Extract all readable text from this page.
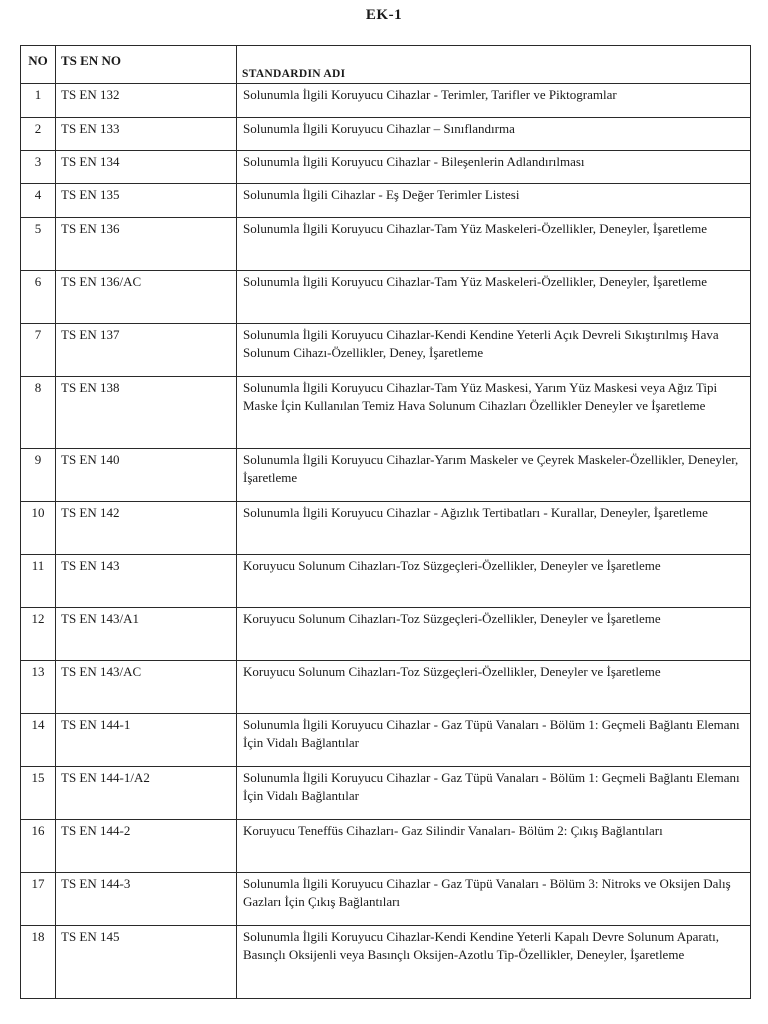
EK-1
NO	TS EN NO	STANDARDIN ADI
1	TS EN 132	Solunumla İlgili Koruyucu Cihazlar - Terimler, Tarifler ve Piktogramlar
2	TS EN 133	Solunumla İlgili Koruyucu Cihazlar – Sınıflandırma
3	TS EN 134	Solunumla İlgili Koruyucu Cihazlar - Bileşenlerin Adlandırılması
4	TS EN 135	Solunumla İlgili Cihazlar - Eş Değer Terimler Listesi
5	TS EN 136	Solunumla İlgili Koruyucu Cihazlar-Tam Yüz Maskeleri-Özellikler, Deneyler, İşaretleme
6	TS EN 136/AC	Solunumla İlgili Koruyucu Cihazlar-Tam Yüz Maskeleri-Özellikler, Deneyler, İşaretleme
7	TS EN 137	Solunumla İlgili Koruyucu Cihazlar-Kendi Kendine Yeterli Açık Devreli Sıkıştırılmış Hava Solunum Cihazı-Özellikler, Deney, İşaretleme
8	TS EN 138	Solunumla İlgili Koruyucu Cihazlar-Tam Yüz Maskesi, Yarım Yüz Maskesi veya Ağız Tipi Maske İçin Kullanılan Temiz Hava Solunum Cihazları Özellikler Deneyler ve İşaretleme
9	TS EN 140	Solunumla İlgili Koruyucu Cihazlar-Yarım Maskeler ve Çeyrek Maskeler-Özellikler, Deneyler, İşaretleme
10	TS EN 142	Solunumla İlgili Koruyucu Cihazlar - Ağızlık Tertibatları - Kurallar, Deneyler, İşaretleme
11	TS EN 143	Koruyucu Solunum Cihazları-Toz Süzgeçleri-Özellikler, Deneyler ve İşaretleme
12	TS EN 143/A1	Koruyucu Solunum Cihazları-Toz Süzgeçleri-Özellikler, Deneyler ve İşaretleme
13	TS EN 143/AC	Koruyucu Solunum Cihazları-Toz Süzgeçleri-Özellikler, Deneyler ve İşaretleme
14	TS EN 144-1	Solunumla İlgili Koruyucu Cihazlar - Gaz Tüpü Vanaları - Bölüm 1: Geçmeli Bağlantı Elemanı İçin Vidalı Bağlantılar
15	TS EN 144-1/A2	Solunumla İlgili Koruyucu Cihazlar - Gaz Tüpü Vanaları - Bölüm 1: Geçmeli Bağlantı Elemanı İçin Vidalı Bağlantılar
16	TS EN 144-2	Koruyucu Teneffüs Cihazları- Gaz Silindir Vanaları- Bölüm 2: Çıkış Bağlantıları
17	TS EN 144-3	Solunumla İlgili Koruyucu Cihazlar - Gaz Tüpü Vanaları - Bölüm 3: Nitroks ve Oksijen Dalış Gazları İçin Çıkış Bağlantıları
18	TS EN 145	Solunumla İlgili Koruyucu Cihazlar-Kendi Kendine Yeterli Kapalı Devre Solunum Aparatı, Basınçlı Oksijenli veya Basınçlı Oksijen-Azotlu Tip-Özellikler, Deneyler, İşaretleme
